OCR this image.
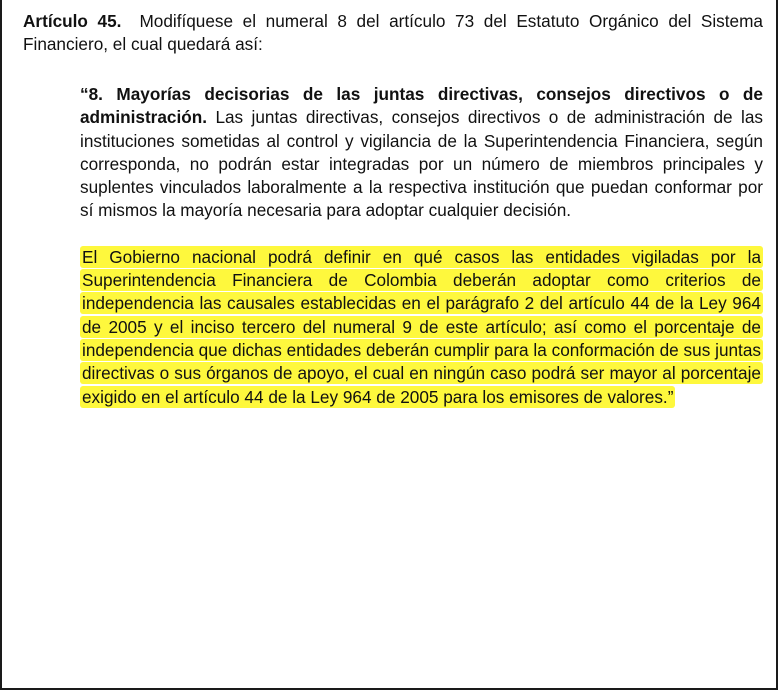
Artículo 45. Modifíquese el numeral 8 del artículo 73 del Estatuto Orgánico del Sistema Financiero, el cual quedará así:

“8. Mayorías decisorias de las juntas directivas, consejos directivos o de administración. Las juntas directivas, consejos directivos o de administración de las instituciones sometidas al control y vigilancia de la Superintendencia Financiera, según corresponda, no podrán estar integradas por un número de miembros principales y suplentes vinculados laboralmente a la respectiva institución que puedan conformar por sí mismos la mayoría necesaria para adoptar cualquier decisión.

El Gobierno nacional podrá definir en qué casos las entidades vigiladas por la Superintendencia Financiera de Colombia deberán adoptar como criterios de independencia las causales establecidas en el parágrafo 2 del artículo 44 de la Ley 964 de 2005 y el inciso tercero del numeral 9 de este artículo; así como el porcentaje de independencia que dichas entidades deberán cumplir para la conformación de sus juntas directivas o sus órganos de apoyo, el cual en ningún caso podrá ser mayor al porcentaje exigido en el artículo 44 de la Ley 964 de 2005 para los emisores de valores.”
